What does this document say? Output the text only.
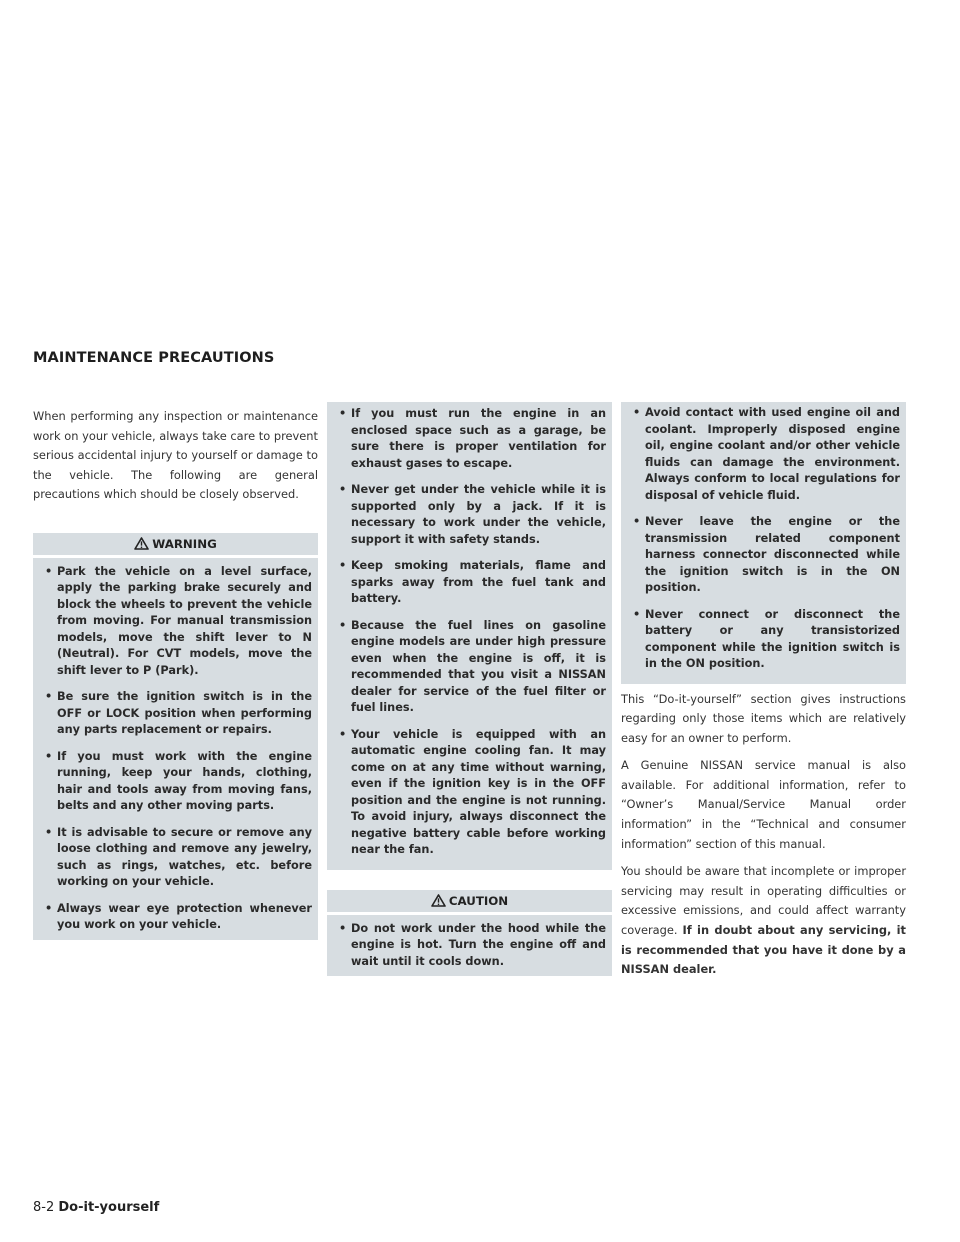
MAINTENANCE PRECAUTIONS

When performing any inspection or maintenance work on your vehicle, always take care to prevent serious accidental injury to yourself or damage to the vehicle. The following are general precautions which should be closely observed.

WARNING
• Park the vehicle on a level surface, apply the parking brake securely and block the wheels to prevent the vehicle from moving. For manual transmission models, move the shift lever to N (Neutral). For CVT models, move the shift lever to P (Park).
• Be sure the ignition switch is in the OFF or LOCK position when performing any parts replacement or repairs.
• If you must work with the engine running, keep your hands, clothing, hair and tools away from moving fans, belts and any other moving parts.
• It is advisable to secure or remove any loose clothing and remove any jewelry, such as rings, watches, etc. before working on your vehicle.
• Always wear eye protection whenever you work on your vehicle.
• If you must run the engine in an enclosed space such as a garage, be sure there is proper ventilation for exhaust gases to escape.
• Never get under the vehicle while it is supported only by a jack. If it is necessary to work under the vehicle, support it with safety stands.
• Keep smoking materials, flame and sparks away from the fuel tank and battery.
• Because the fuel lines on gasoline engine models are under high pressure even when the engine is off, it is recommended that you visit a NISSAN dealer for service of the fuel filter or fuel lines.
• Your vehicle is equipped with an automatic engine cooling fan. It may come on at any time without warning, even if the ignition key is in the OFF position and the engine is not running. To avoid injury, always disconnect the negative battery cable before working near the fan.
CAUTION
• Do not work under the hood while the engine is hot. Turn the engine off and wait until it cools down.
• Avoid contact with used engine oil and coolant. Improperly disposed engine oil, engine coolant and/or other vehicle fluids can damage the environment. Always conform to local regulations for disposal of vehicle fluid.
• Never leave the engine or the transmission related component harness connector disconnected while the ignition switch is in the ON position.
• Never connect or disconnect the battery or any transistorized component while the ignition switch is in the ON position.

This “Do-it-yourself” section gives instructions regarding only those items which are relatively easy for an owner to perform.

A Genuine NISSAN service manual is also available. For additional information, refer to “Owner’s Manual/Service Manual order information” in the “Technical and consumer information” section of this manual.

You should be aware that incomplete or improper servicing may result in operating difficulties or excessive emissions, and could affect warranty coverage. If in doubt about any servicing, it is recommended that you have it done by a NISSAN dealer.

8-2 Do-it-yourself
